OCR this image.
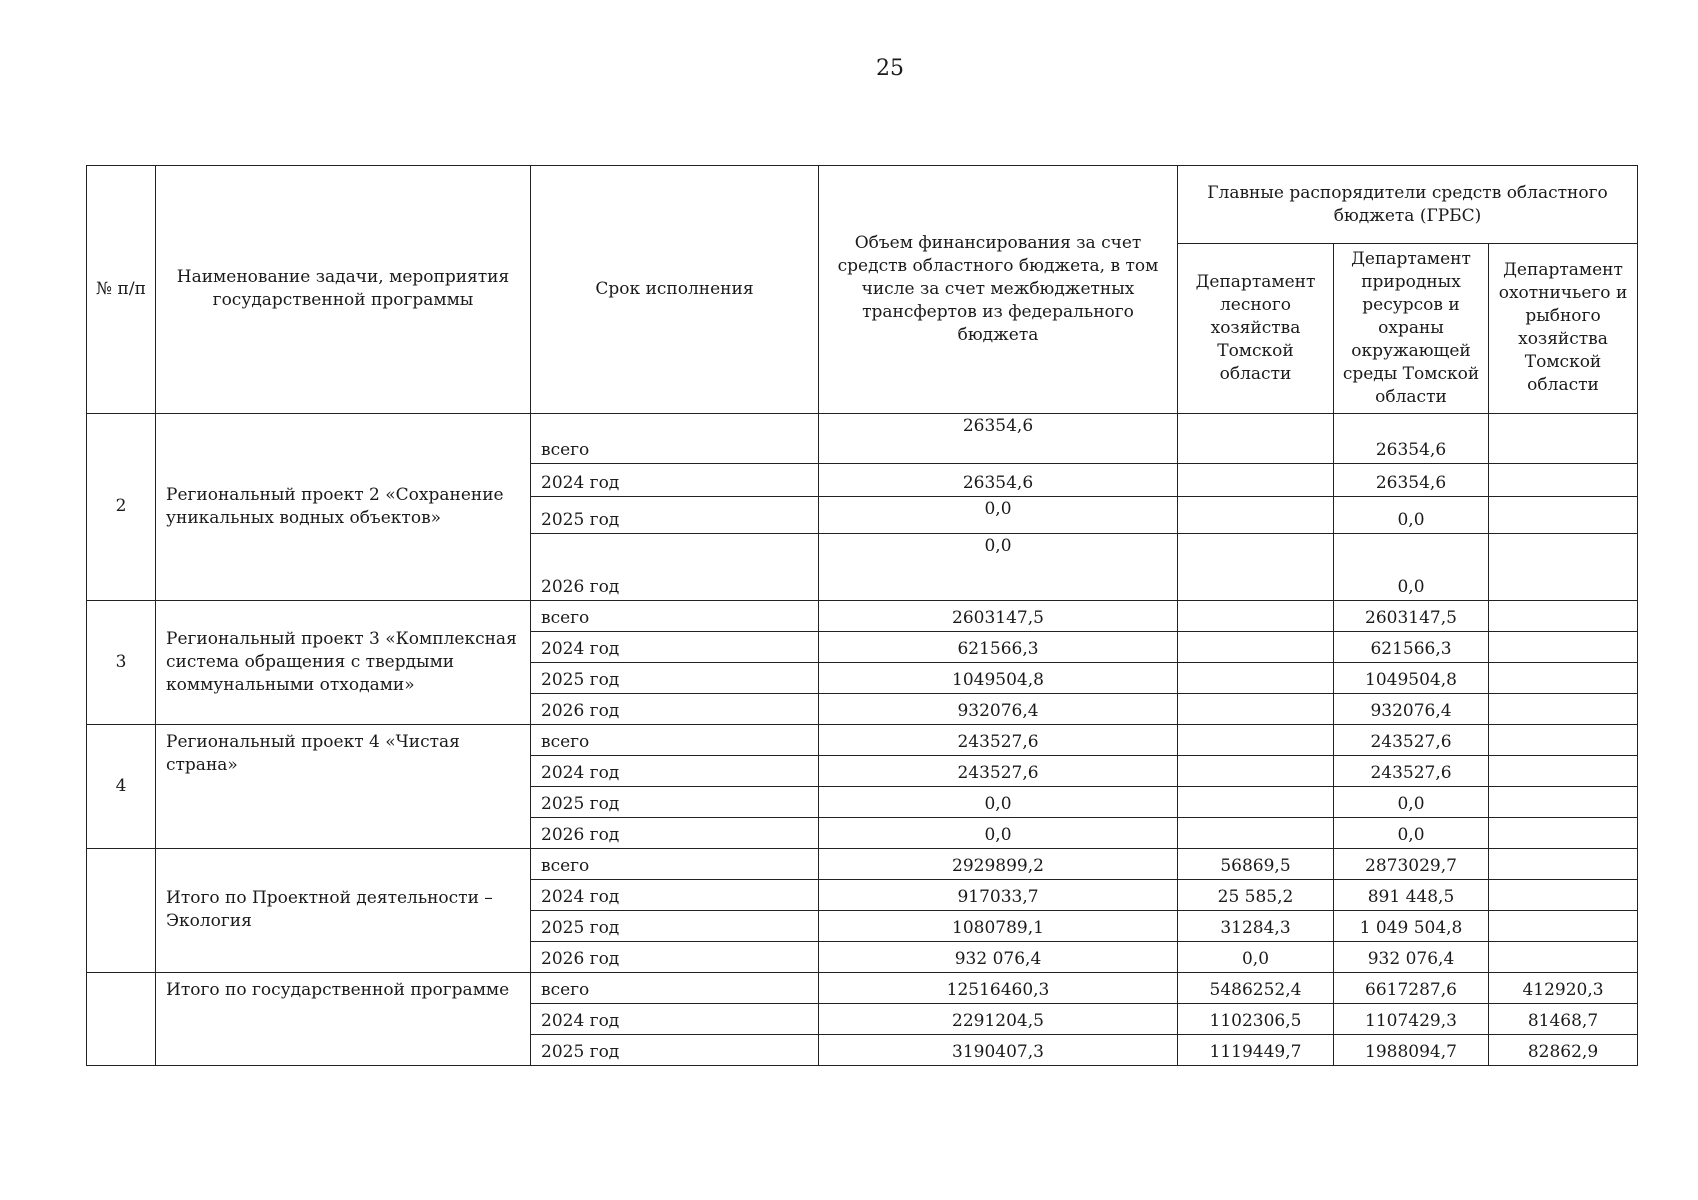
25
№ п/п	Наименование задачи, мероприятия государственной программы	Срок исполнения	Объем финансирования за счет средств областного бюджета, в том числе за счет межбюджетных трансфертов из федерального бюджета	Главные распорядители средств областного бюджета (ГРБС)		
				Департамент лесного хозяйства Томской области	Департамент природных ресурсов и охраны окружающей среды Томской области	Департамент охотничьего и рыбного хозяйства Томской области
2	Региональный проект 2 «Сохранение уникальных водных объектов»	всего	26354,6		26354,6	
		2024 год	26354,6		26354,6	
		2025 год	0,0		0,0	
		2026 год	0,0		0,0	
3	Региональный проект 3 «Комплексная система обращения с твердыми коммунальными отходами»	всего	2603147,5		2603147,5	
		2024 год	621566,3		621566,3	
		2025 год	1049504,8		1049504,8	
		2026 год	932076,4		932076,4	
4	Региональный проект 4 «Чистая страна»	всего	243527,6		243527,6	
		2024 год	243527,6		243527,6	
		2025 год	0,0		0,0	
		2026 год	0,0		0,0	
	Итого по Проектной деятельности – Экология	всего	2929899,2	56869,5	2873029,7	
		2024 год	917033,7	25 585,2	891 448,5	
		2025 год	1080789,1	31284,3	1 049 504,8	
		2026 год	932 076,4	0,0	932 076,4	
	Итого по государственной программе	всего	12516460,3	5486252,4	6617287,6	412920,3
		2024 год	2291204,5	1102306,5	1107429,3	81468,7
		2025 год	3190407,3	1119449,7	1988094,7	82862,9
